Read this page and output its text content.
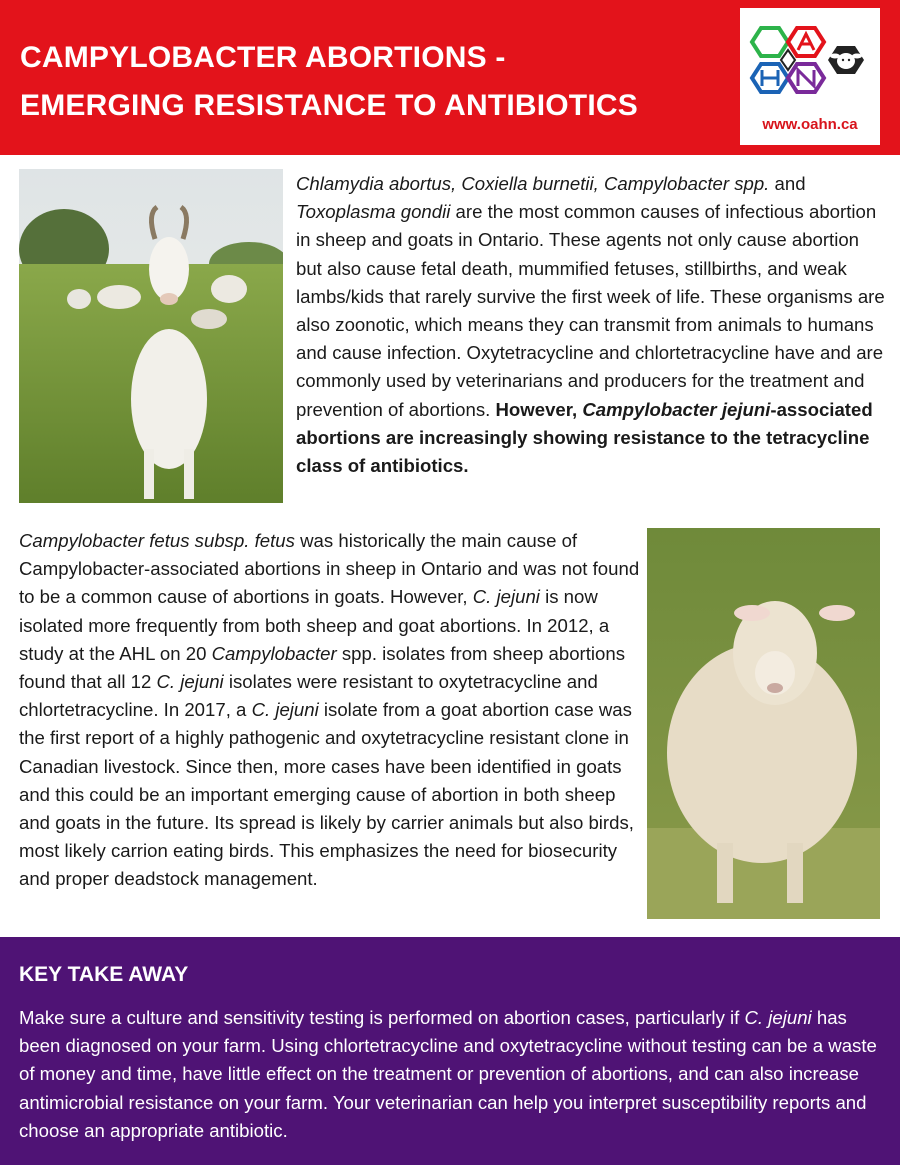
CAMPYLOBACTER ABORTIONS -
EMERGING RESISTANCE TO ANTIBIOTICS
www.oahn.ca

Chlamydia abortus, Coxiella burnetii, Campylobacter spp. and Toxoplasma gondii are the most common causes of infectious abortion in sheep and goats in Ontario. These agents not only cause abortion but also cause fetal death, mummified fetuses, stillbirths, and weak lambs/kids that rarely survive the first week of life. These organisms are also zoonotic, which means they can transmit from animals to humans and cause infection. Oxytetracycline and chlortetracycline have and are commonly used by veterinarians and producers for the treatment and prevention of abortions. However, Campylobacter jejuni-associated abortions are increasingly showing resistance to the tetracycline class of antibiotics.

Campylobacter fetus subsp. fetus was historically the main cause of Campylobacter-associated abortions in sheep in Ontario and was not found to be a common cause of abortions in goats. However, C. jejuni is now isolated more frequently from both sheep and goat abortions. In 2012, a study at the AHL on 20 Campylobacter spp. isolates from sheep abortions found that all 12 C. jejuni isolates were resistant to oxytetracycline and chlortetracycline. In 2017, a C. jejuni isolate from a goat abortion case was the first report of a highly pathogenic and oxytetracycline resistant clone in Canadian livestock. Since then, more cases have been identified in goats and this could be an important emerging cause of abortion in both sheep and goats in the future. Its spread is likely by carrier animals but also birds, most likely carrion eating birds. This emphasizes the need for biosecurity and proper deadstock management.

KEY TAKE AWAY

Make sure a culture and sensitivity testing is performed on abortion cases, particularly if C. jejuni has been diagnosed on your farm. Using chlortetracycline and oxytetracycline without testing can be a waste of money and time, have little effect on the treatment or prevention of abortions, and can also increase antimicrobial resistance on your farm. Your veterinarian can help you interpret susceptibility reports and choose an appropriate antibiotic.
